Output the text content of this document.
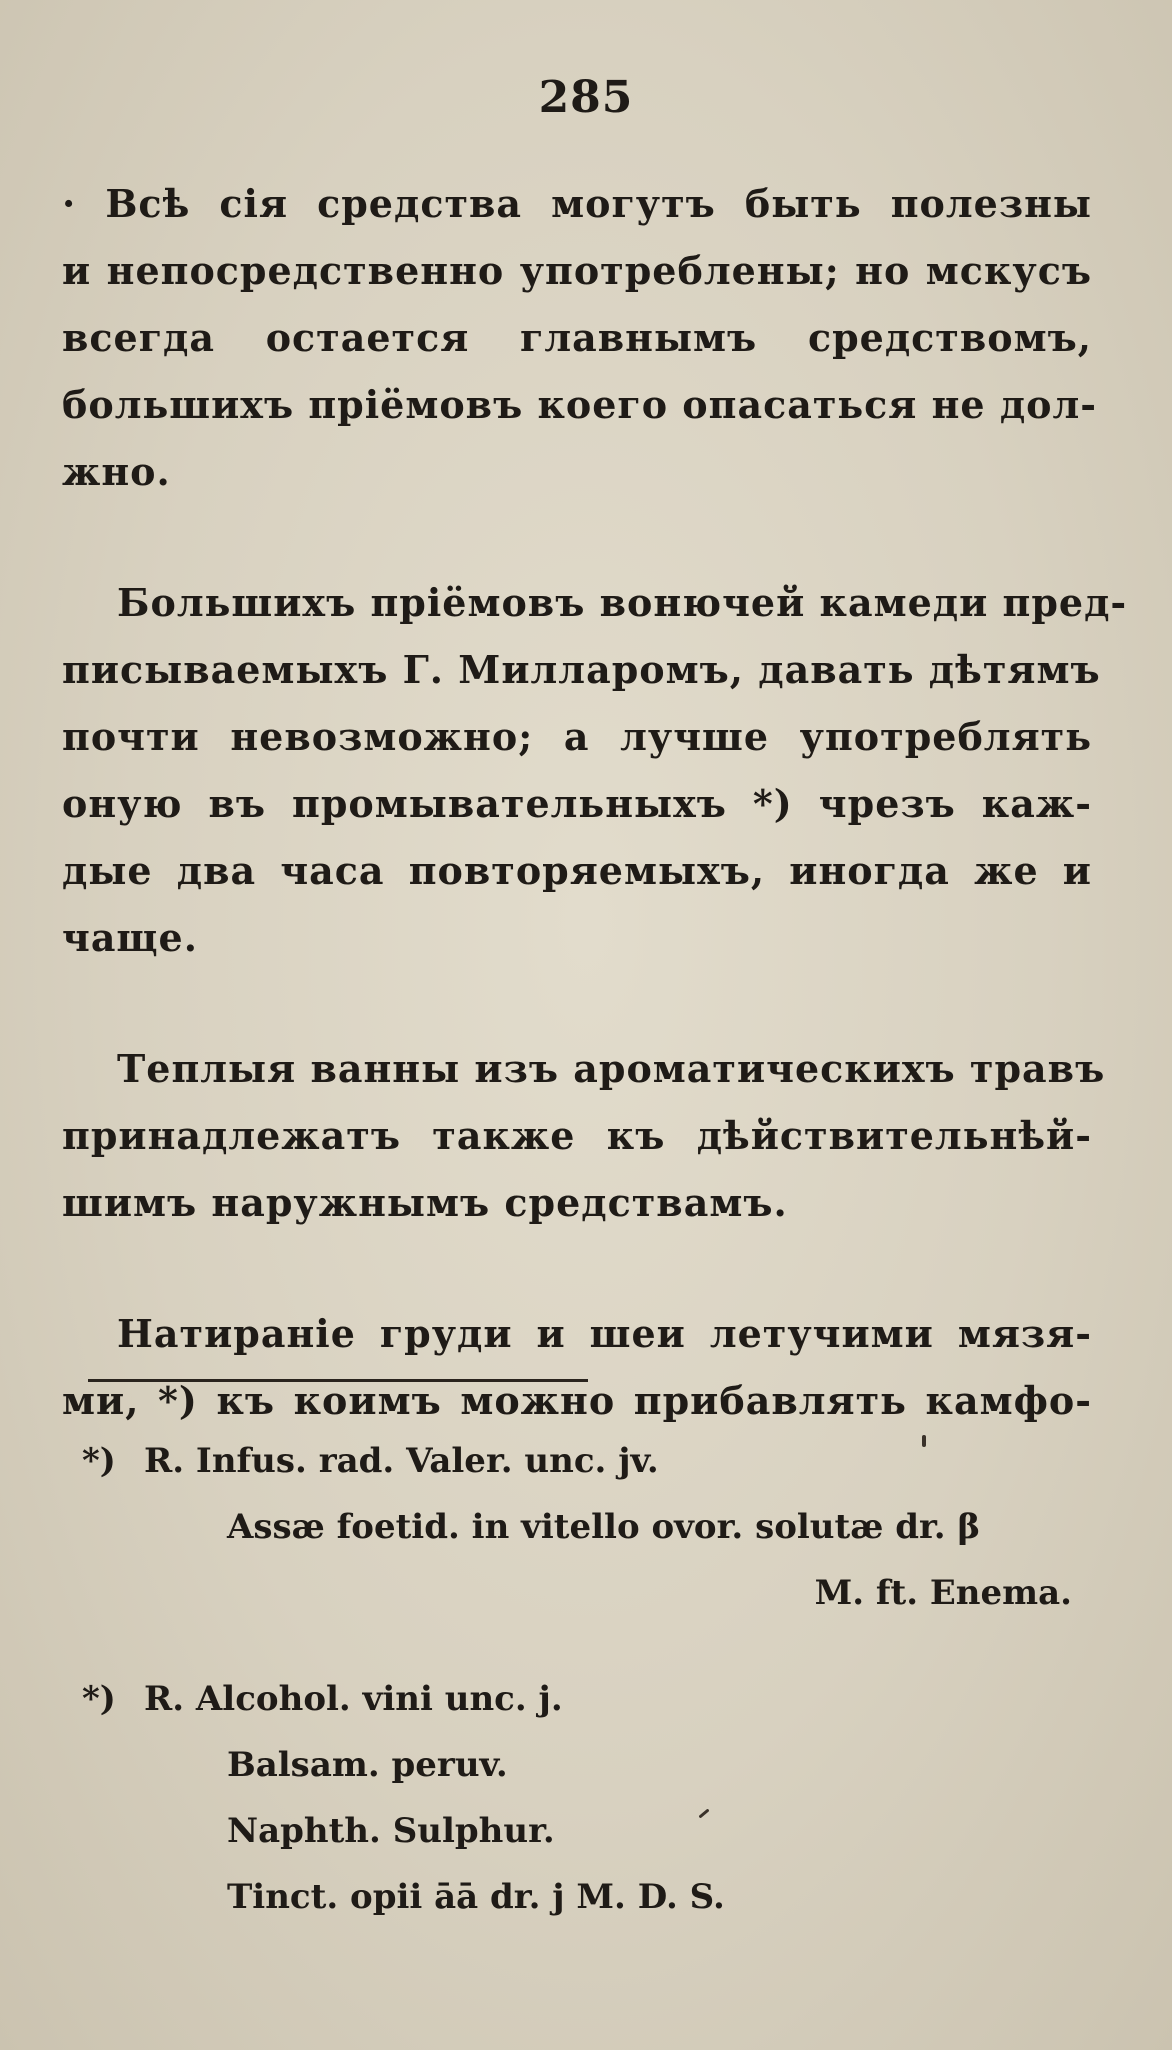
285

· Всѣ сія средства могутъ быть полезны

и непосредственно употреблены; но мскусъ

всегда остается главнымъ средствомъ,

большихъ пріёмовъ коего опасаться не дол-

жно.

Большихъ пріёмовъ вонючей камеди пред-

писываемыхъ Г. Милларомъ, давать дѣтямъ

почти невозможно; а лучше употреблять

оную въ промывательныхъ *) чрезъ каж-

дые два часа повторяемыхъ, иногда же и

чаще.

Теплыя ванны изъ ароматическихъ травъ

принадлежатъ также къ дѣйствительнѣй-

шимъ наружнымъ средствамъ.

Натираніе груди и шеи летучими мязя-

ми, *) къ коимъ можно прибавлять камфо-

*) R. Infus. rad. Valer. unc. jv.
Assæ foetid. in vitello ovor. solutæ dr. β
M. ft. Enema.
*) R. Alcohol. vini unc. j.
Balsam. peruv.
Naphth. Sulphur.
Tinct. opii āā dr. j M. D. S.
